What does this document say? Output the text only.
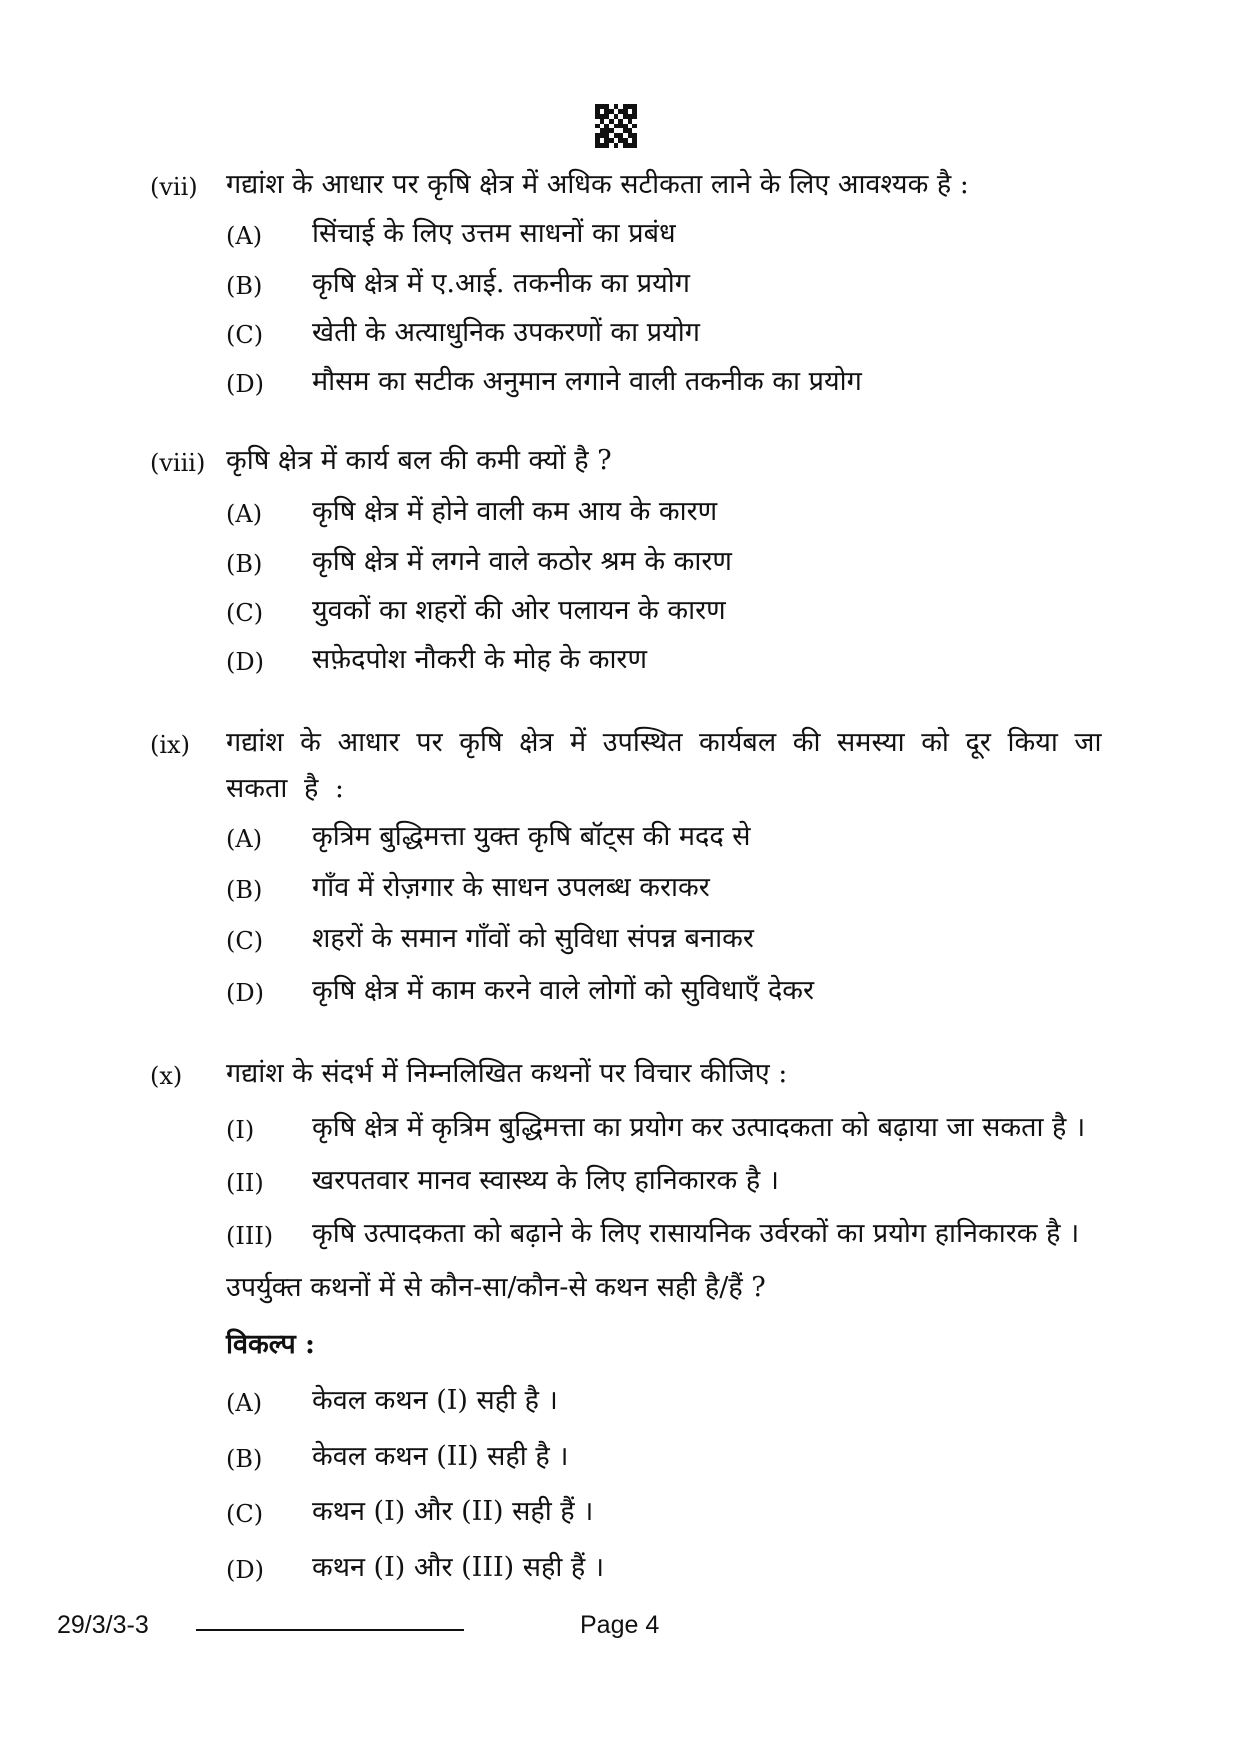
(vii) गद्यांश के आधार पर कृषि क्षेत्र में अधिक सटीकता लाने के लिए आवश्यक है :
(A) सिंचाई के लिए उत्तम साधनों का प्रबंध
(B) कृषि क्षेत्र में ए.आई. तकनीक का प्रयोग
(C) खेती के अत्याधुनिक उपकरणों का प्रयोग
(D) मौसम का सटीक अनुमान लगाने वाली तकनीक का प्रयोग
(viii) कृषि क्षेत्र में कार्य बल की कमी क्यों है ?
(A) कृषि क्षेत्र में होने वाली कम आय के कारण
(B) कृषि क्षेत्र में लगने वाले कठोर श्रम के कारण
(C) युवकों का शहरों की ओर पलायन के कारण
(D) सफ़ेदपोश नौकरी के मोह के कारण
(ix) गद्यांश के आधार पर कृषि क्षेत्र में उपस्थित कार्यबल की समस्या को दूर किया जा सकता है :
(A) कृत्रिम बुद्धिमत्ता युक्त कृषि बॉट्स की मदद से
(B) गाँव में रोज़गार के साधन उपलब्ध कराकर
(C) शहरों के समान गाँवों को सुविधा संपन्न बनाकर
(D) कृषि क्षेत्र में काम करने वाले लोगों को सुविधाएँ देकर
(x) गद्यांश के संदर्भ में निम्नलिखित कथनों पर विचार कीजिए :
(I) कृषि क्षेत्र में कृत्रिम बुद्धिमत्ता का प्रयोग कर उत्पादकता को बढ़ाया जा सकता है ।
(II) खरपतवार मानव स्वास्थ्य के लिए हानिकारक है ।
(III) कृषि उत्पादकता को बढ़ाने के लिए रासायनिक उर्वरकों का प्रयोग हानिकारक है ।
उपर्युक्त कथनों में से कौन-सा/कौन-से कथन सही है/हैं ?
विकल्प :
(A) केवल कथन (I) सही है ।
(B) केवल कथन (II) सही है ।
(C) कथन (I) और (II) सही हैं ।
(D) कथन (I) और (III) सही हैं ।
29/3/3-3	Page 4
